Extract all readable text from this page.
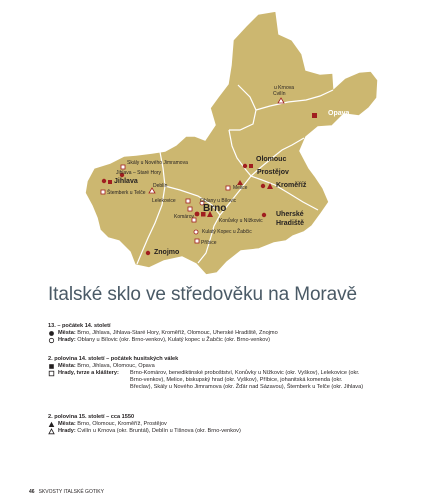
Opava
Cvilín
u Krnova
Skály u Nového Jimramova
Jihlava – Staré Hory
Jihlava
Štemberk u Telče
Deblín
Lelekovice
Olomouc
Prostějov
Melice
Oblany u Bílovic
Brno
Komárov
Konůvky u Nížkovic
Kroměříž
Uherské
Hradiště
Kulatý Kopec u Žabčic
Příbice
Znojmo
Italské sklo ve středověku na Moravě
13. – počátek 14. století
Města: Brno, Jihlava, Jihlava-Staré Hory, Kroměříž, Olomouc, Uherské Hradiště, Znojmo
Hrady: Oblany u Bílovic (okr. Brno-venkov), Kulatý kopec u Žabčic (okr. Brno-venkov)
2. polovina 14. století – počátek husitských válek
Města: Brno, Jihlava, Olomouc, Opava
Hrady, tvrze a kláštery: Brno-Komárov, benediktinské proboštství, Konůvky u Nížkovic (okr. Vyškov), Lelekovice (okr. Brno-venkov), Melice, biskupský hrad (okr. Vyškov), Příbice, johanitská komenda (okr. Břeclav), Skály u Nového Jimramova (okr. Žďár nad Sázavou), Štemberk u Telče (okr. Jihlava)
2. polovina 15. století – cca 1550
Města: Brno, Olomouc, Kroměříž, Prostějov
Hrady: Cvilín u Krnova (okr. Bruntál), Deblín u Tišnova (okr. Brno-venkov)
46 SKVOSTY ITALSKÉ GOTIKY
